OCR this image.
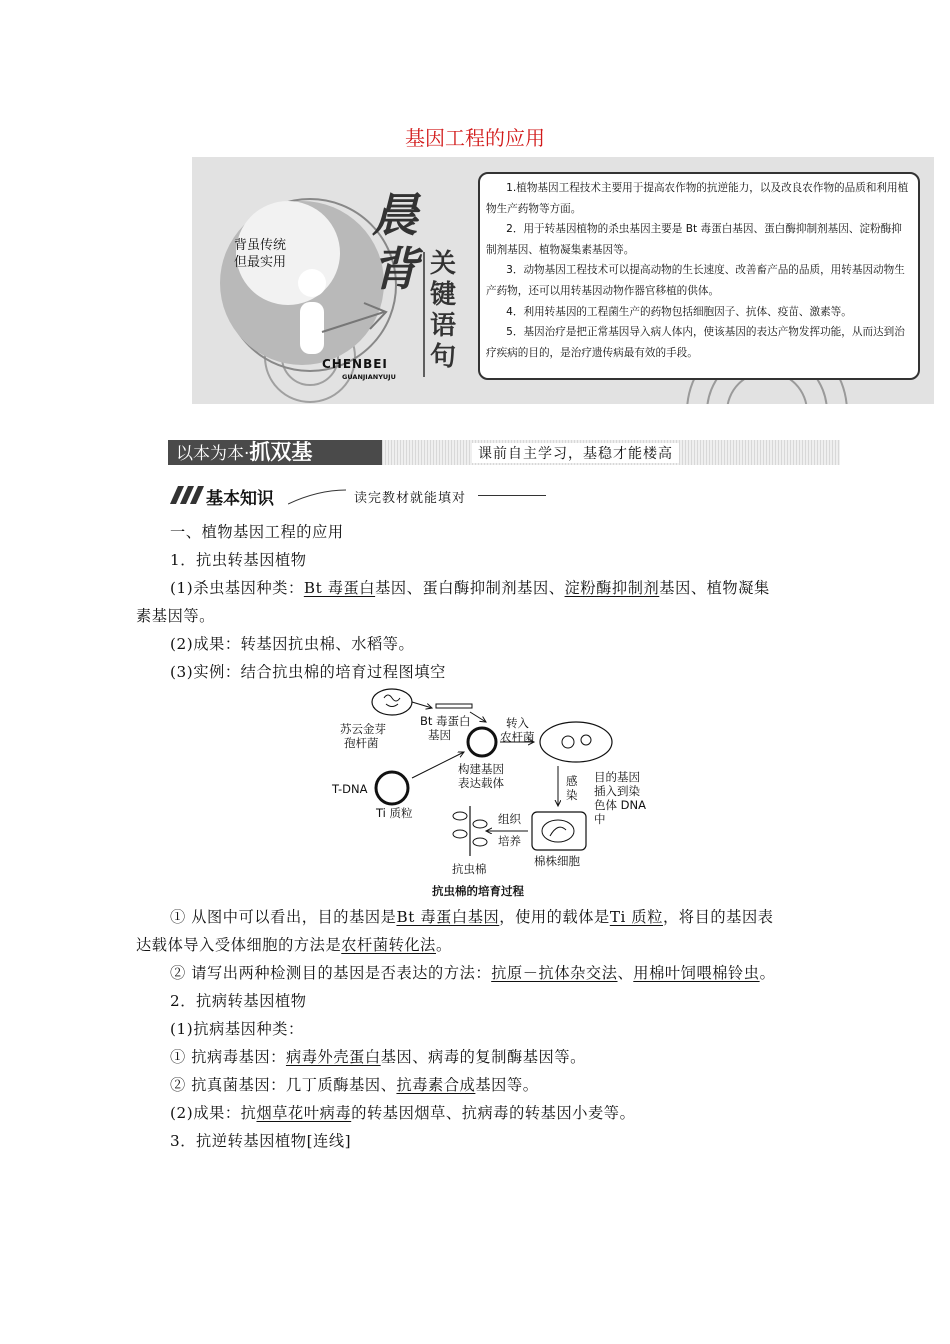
基因工程的应用
背虽传统
但最实用
晨
背 关
键
语
句
CHENBEI
GUANJIANYUJU

1.植物基因工程技术主要用于提高农作物的抗逆能力，以及改良农作物的品质和利用植物生产药物等方面。

2．用于转基因植物的杀虫基因主要是 Bt 毒蛋白基因、蛋白酶抑制剂基因、淀粉酶抑制剂基因、植物凝集素基因等。

3．动物基因工程技术可以提高动物的生长速度、改善畜产品的品质，用转基因动物生产药物，还可以用转基因动物作器官移植的供体。

4．利用转基因的工程菌生产的药物包括细胞因子、抗体、疫苗、激素等。

5．基因治疗是把正常基因导入病人体内，使该基因的表达产物发挥功能，从而达到治疗疾病的目的，是治疗遗传病最有效的手段。

以本为本·抓双基	课前自主学习，基稳才能楼高
基本知识	读完教材就能填对
一、植物基因工程的应用
1．抗虫转基因植物
(1)杀虫基因种类：Bt 毒蛋白基因、蛋白酶抑制剂基因、淀粉酶抑制剂基因、植物凝集
素基因等。
(2)成果：转基因抗虫棉、水稻等。
(3)实例：结合抗虫棉的培育过程图填空
苏云金芽
孢杆菌
Bt 毒蛋白
基因
转入
农杆菌
T-DNA
Ti 质粒
构建基因
表达载体	感
染
目的基因
插入到染
色体 DNA
中
组织
培养
棉株细胞
抗虫棉
抗虫棉的培育过程
① 从图中可以看出，目的基因是Bt 毒蛋白基因，使用的载体是Ti 质粒，将目的基因表
达载体导入受体细胞的方法是农杆菌转化法。
② 请写出两种检测目的基因是否表达的方法：抗原－抗体杂交法、用棉叶饲喂棉铃虫。
2．抗病转基因植物
(1)抗病基因种类：
① 抗病毒基因：病毒外壳蛋白基因、病毒的复制酶基因等。
② 抗真菌基因：几丁质酶基因、抗毒素合成基因等。
(2)成果：抗烟草花叶病毒的转基因烟草、抗病毒的转基因小麦等。
3．抗逆转基因植物[连线]
